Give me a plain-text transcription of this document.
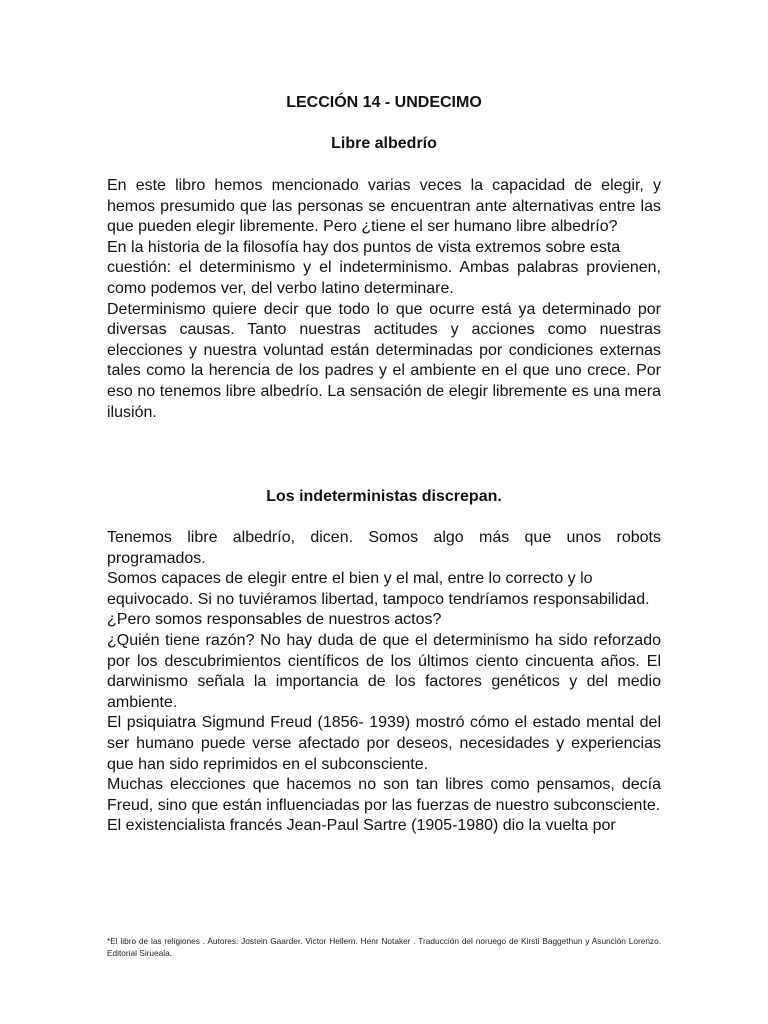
LECCIÓN 14 - UNDECIMO
Libre albedrío

En este libro hemos mencionado varias veces la capacidad de elegir, y hemos presumido que las personas se encuentran ante alternativas entre las que pueden elegir libremente. Pero ¿tiene el ser humano libre albedrío?

En la historia de la filosofía hay dos puntos de vista extremos sobre esta

cuestión: el determinismo y el indeterminismo. Ambas palabras provienen, como podemos ver, del verbo latino determinare.

Determinismo quiere decir que todo lo que ocurre está ya determinado por diversas causas. Tanto nuestras actitudes y acciones como nuestras elecciones y nuestra voluntad están determinadas por condiciones externas tales como la herencia de los padres y el ambiente en el que uno crece. Por eso no tenemos libre albedrío. La sensación de elegir libremente es una mera ilusión.

Los indeterministas discrepan.

Tenemos libre albedrío, dicen. Somos algo más que unos robots programados.

Somos capaces de elegir entre el bien y el mal, entre lo correcto y lo

equivocado. Si no tuviéramos libertad, tampoco tendríamos responsabilidad.

¿Pero somos responsables de nuestros actos?

¿Quién tiene razón? No hay duda de que el determinismo ha sido reforzado por los descubrimientos científicos de los últimos ciento cincuenta años. El darwinismo señala la importancia de los factores genéticos y del medio ambiente.

El psiquiatra Sigmund Freud (1856- 1939) mostró cómo el estado mental del ser humano puede verse afectado por deseos, necesidades y experiencias que han sido reprimidos en el subconsciente.

Muchas elecciones que hacemos no son tan libres como pensamos, decía Freud, sino que están influenciadas por las fuerzas de nuestro subconsciente.

El existencialista francés Jean-Paul Sartre (1905-1980) dio la vuelta por

*El libro de las religiones . Autores: Jostein Gaarder. Victor Hellern. Henr Notaker . Traducción del noruego de Kirsti Baggethun y Asunción Lorenzo. Editorial Sirueala.
